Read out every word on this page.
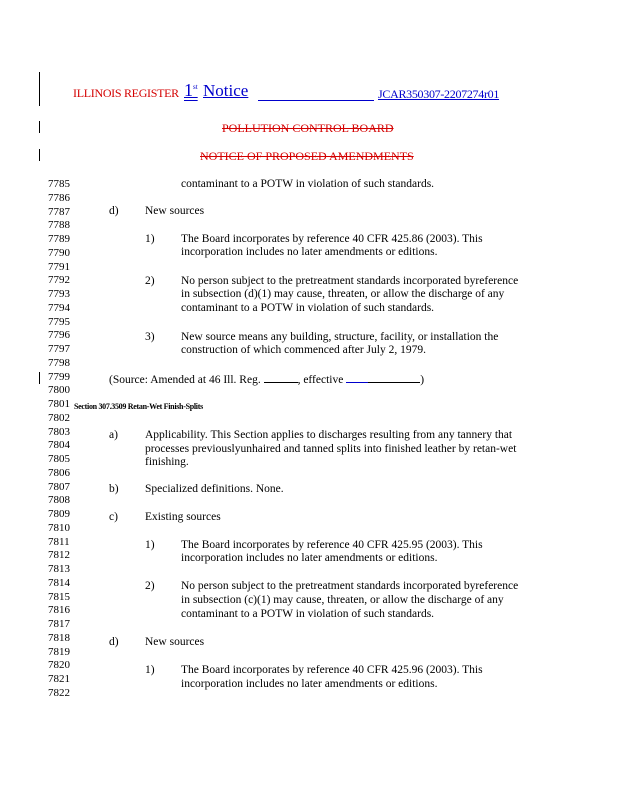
ILLINOIS REGISTER 1st Notice	JCAR350307-2207274r01
POLLUTION CONTROL BOARD
NOTICE OF PROPOSED AMENDMENTS
7785
7786
7787
7788
7789
7790
7791
7792
7793
7794
7795
7796
7797
7798
7799
7800
7801
7802
7803
7804
7805
7806
7807
7808
7809
7810
7811
7812
7813
7814
7815
7816
7817
7818
7819
7820
7821
7822
contaminant to a POTW in violation of such standards.
d) New sources
1) The Board incorporates by reference 40 CFR 425.86 (2003). This
incorporation includes no later amendments or editions.
2) No person subject to the pretreatment standards incorporated byreference
in subsection (d)(1) may cause, threaten, or allow the discharge of any
contaminant to a POTW in violation of such standards.
3) New source means any building, structure, facility, or installation the
construction of which commenced after July 2, 1979.
(Source: Amended at 46 Ill. Reg.	, effective	)
Section 307.3509 Retan-Wet Finish-Splits
a) Applicability. This Section applies to discharges resulting from any tannery that
processes previouslyunhaired and tanned splits into finished leather by retan-wet
finishing.
b) Specialized definitions. None.
c) Existing sources
1) The Board incorporates by reference 40 CFR 425.95 (2003). This
incorporation includes no later amendments or editions.
2) No person subject to the pretreatment standards incorporated byreference
in subsection (c)(1) may cause, threaten, or allow the discharge of any
contaminant to a POTW in violation of such standards.
d) New sources
1) The Board incorporates by reference 40 CFR 425.96 (2003). This
incorporation includes no later amendments or editions.
